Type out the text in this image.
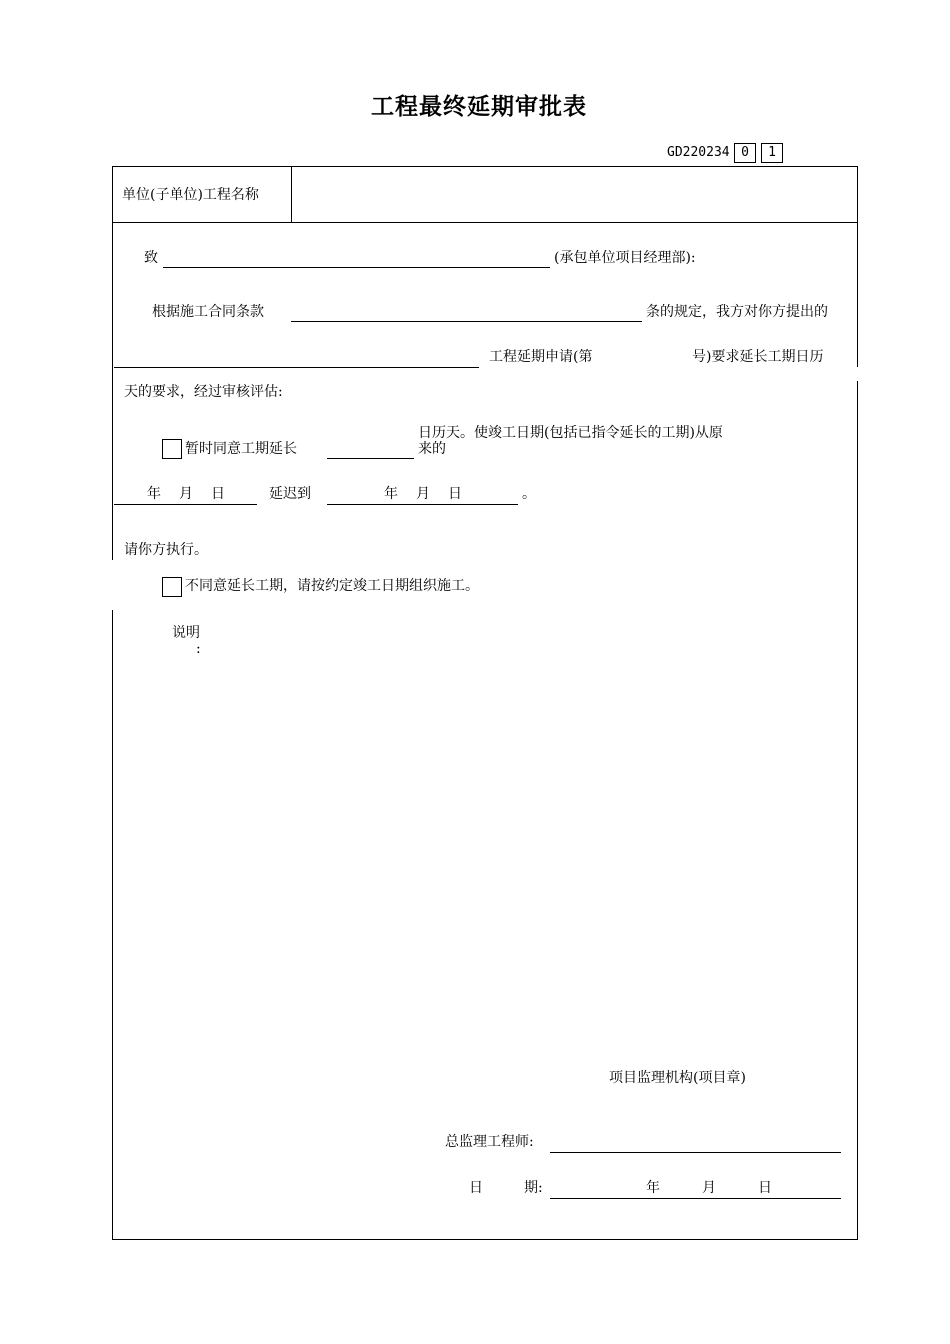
工程最终延期审批表
GD220234 0	1
单位(子单位)工程名称
致	(承包单位项目经理部):
根据施工合同条款	条的规定，我方对你方提出的
工程延期申请(第	号)要求延长工期日历
天的要求，经过审核评估:
暂时同意工期延长
日历天。使竣工日期(包括已指令延长的工期)从原
来的
年 月 日	延迟到	年 月 日	。
请你方执行。
不同意延长工期，请按约定竣工日期组织施工。
说明
:
项目监理机构(项目章)
总监理工程师:
日	期:	年	月	日
